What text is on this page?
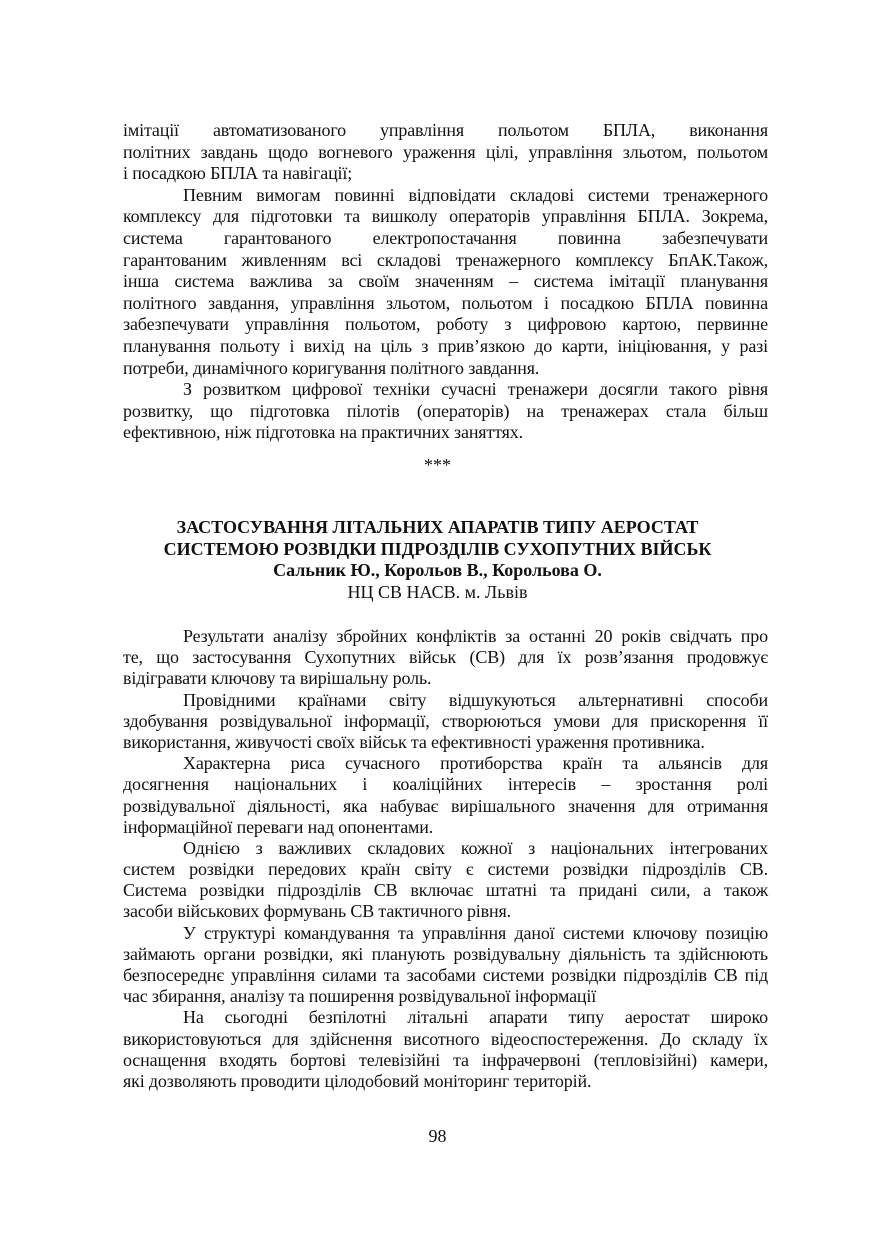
імітації автоматизованого управління польотом БПЛА, виконання
політних завдань щодо вогневого ураження цілі, управління зльотом, польотом
і посадкою БПЛА та навігації;
Певним вимогам повинні відповідати складові системи тренажерного
комплексу для підготовки та вишколу операторів управління БПЛА. Зокрема,
система гарантованого електропостачання повинна забезпечувати
гарантованим живленням всі складові тренажерного комплексу БпАК.Також,
інша система важлива за своїм значенням – система імітації планування
політного завдання, управління зльотом, польотом і посадкою БПЛА повинна
забезпечувати управління польотом, роботу з цифровою картою, первинне
планування польоту і вихід на ціль з прив’язкою до карти, ініціювання, у разі
потреби, динамічного коригування політного завдання.
З розвитком цифрової техніки сучасні тренажери досягли такого рівня
розвитку, що підготовка пілотів (операторів) на тренажерах стала більш
ефективною, ніж підготовка на практичних заняттях.
***
ЗАСТОСУВАННЯ ЛІТАЛЬНИХ АПАРАТІВ ТИПУ АЕРОСТАТ
СИСТЕМОЮ РОЗВІДКИ ПІДРОЗДІЛІВ СУХОПУТНИХ ВІЙСЬК
Сальник Ю., Корольов В., Корольова О.
НЦ СВ НАСВ. м. Львів
Результати аналізу збройних конфліктів за останні 20 років свідчать про
те, що застосування Сухопутних військ (СВ) для їх розв’язання продовжує
відігравати ключову та вирішальну роль.
Провідними країнами світу відшукуються альтернативні способи
здобування розвідувальної інформації, створюються умови для прискорення її
використання, живучості своїх військ та ефективності ураження противника.
Характерна риса сучасного протиборства країн та альянсів для
досягнення національних і коаліційних інтересів – зростання ролі
розвідувальної діяльності, яка набуває вирішального значення для отримання
інформаційної переваги над опонентами.
Однією з важливих складових кожної з національних інтегрованих
систем розвідки передових країн світу є системи розвідки підрозділів СВ.
Система розвідки підрозділів СВ включає штатні та придані сили, а також
засоби військових формувань СВ тактичного рівня.
У структурі командування та управління даної системи ключову позицію
займають органи розвідки, які планують розвідувальну діяльність та здійснюють
безпосереднє управління силами та засобами системи розвідки підрозділів СВ під
час збирання, аналізу та поширення розвідувальної інформації
На сьогодні безпілотні літальні апарати типу аеростат широко
використовуються для здійснення висотного відеоспостереження. До складу їх
оснащення входять бортові телевізійні та інфрачервоні (тепловізійні) камери,
які дозволяють проводити цілодобовий моніторинг територій.
98
